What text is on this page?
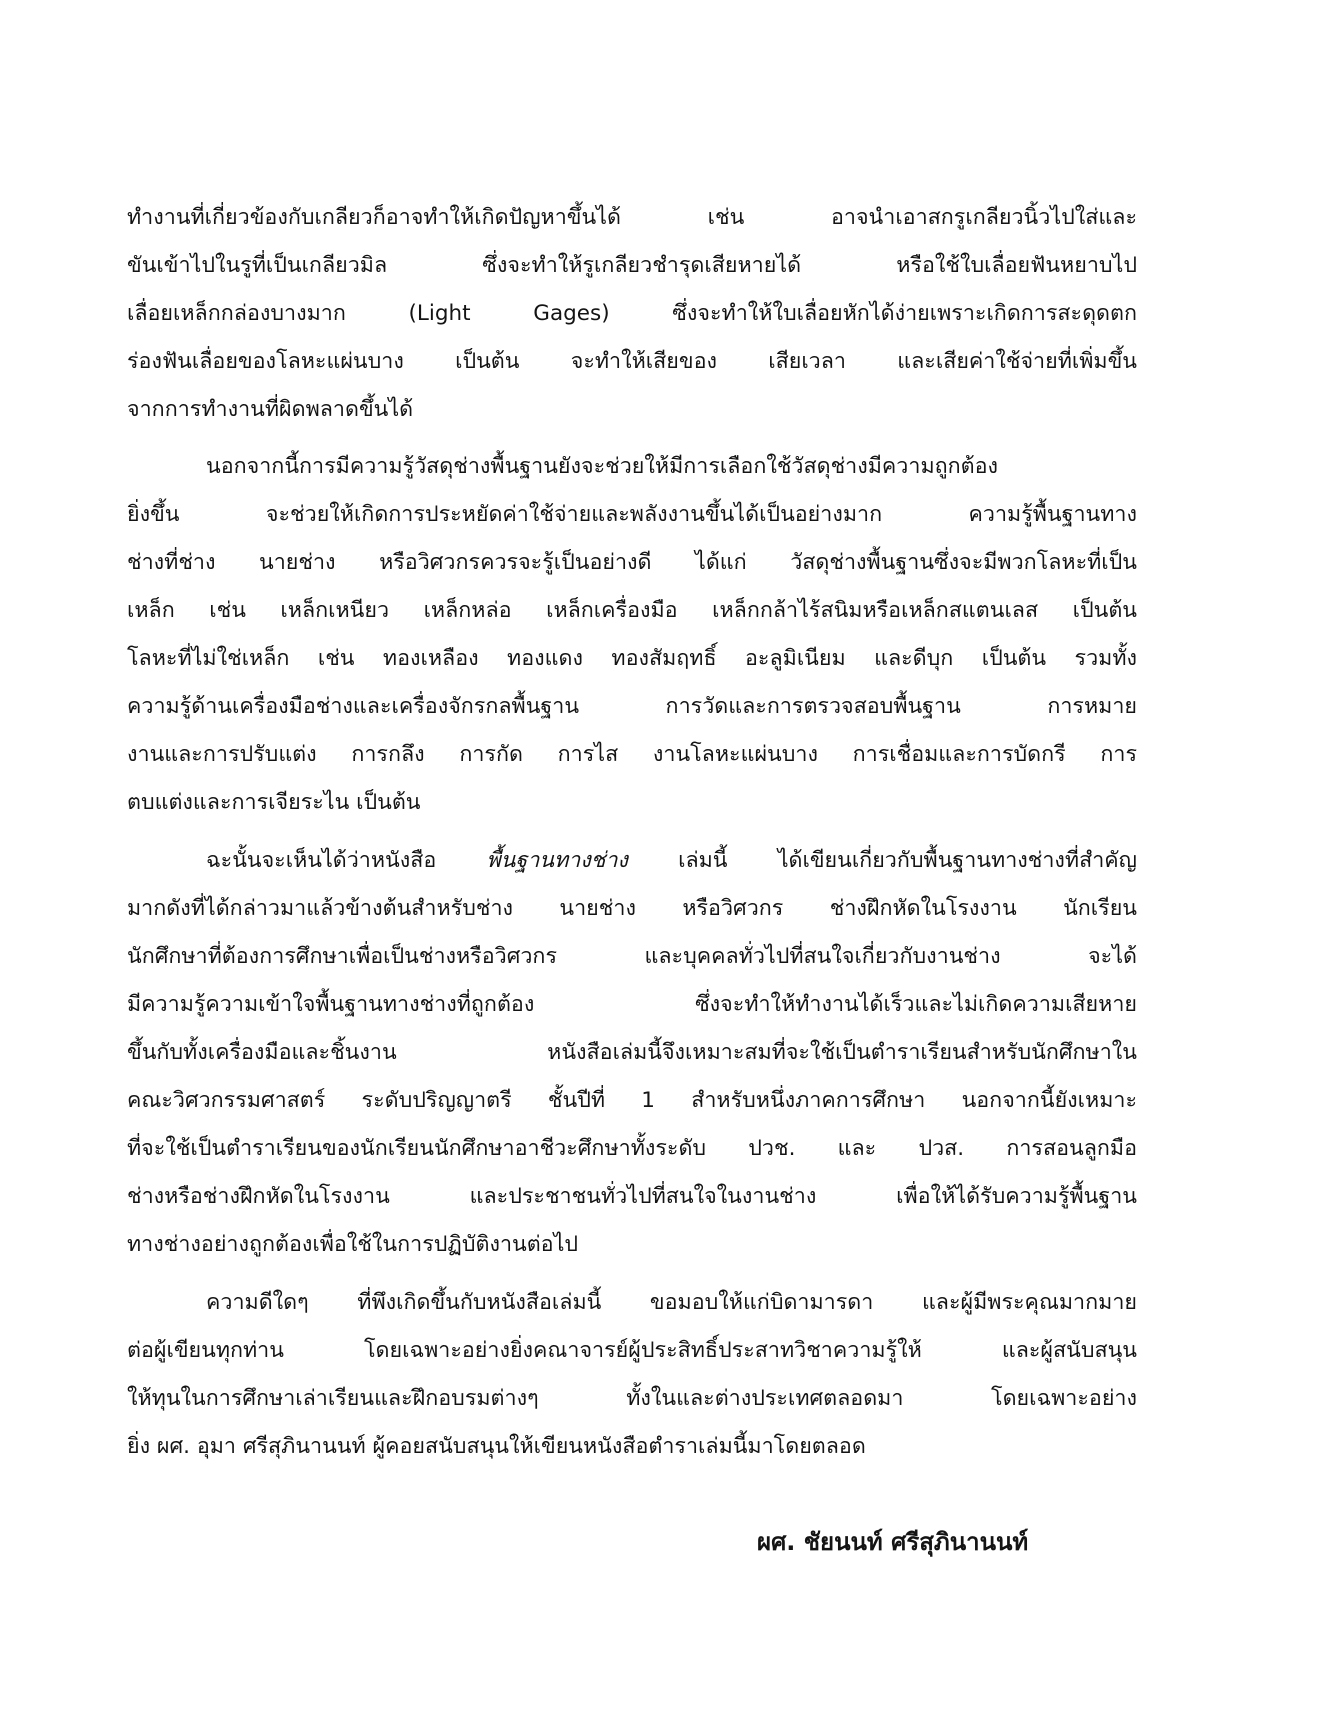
ทำงานที่เกี่ยวข้องกับเกลียวก็อาจทำให้เกิดปัญหาขึ้นได้ เช่น อาจนำเอาสกรูเกลียวนิ้วไปใส่และ
ขันเข้าไปในรูที่เป็นเกลียวมิล ซึ่งจะทำให้รูเกลียวชำรุดเสียหายได้ หรือใช้ใบเลื่อยฟันหยาบไป
เลื่อยเหล็กกล่องบางมาก (Light Gages) ซึ่งจะทำให้ใบเลื่อยหักได้ง่ายเพราะเกิดการสะดุดตก
ร่องฟันเลื่อยของโลหะแผ่นบาง เป็นต้น จะทำให้เสียของ เสียเวลา และเสียค่าใช้จ่ายที่เพิ่มขึ้น
จากการทำงานที่ผิดพลาดขึ้นได้
นอกจากนี้การมีความรู้วัสดุช่างพื้นฐานยังจะช่วยให้มีการเลือกใช้วัสดุช่างมีความถูกต้อง
ยิ่งขึ้น จะช่วยให้เกิดการประหยัดค่าใช้จ่ายและพลังงานขึ้นได้เป็นอย่างมาก ความรู้พื้นฐานทาง
ช่างที่ช่าง นายช่าง หรือวิศวกรควรจะรู้เป็นอย่างดี ได้แก่ วัสดุช่างพื้นฐานซึ่งจะมีพวกโลหะที่เป็น
เหล็ก เช่น เหล็กเหนียว เหล็กหล่อ เหล็กเครื่องมือ เหล็กกล้าไร้สนิมหรือเหล็กสแตนเลส เป็นต้น
โลหะที่ไม่ใช่เหล็ก เช่น ทองเหลือง ทองแดง ทองสัมฤทธิ์ อะลูมิเนียม และดีบุก เป็นต้น รวมทั้ง
ความรู้ด้านเครื่องมือช่างและเครื่องจักรกลพื้นฐาน การวัดและการตรวจสอบพื้นฐาน การหมาย
งานและการปรับแต่ง การกลึง การกัด การไส งานโลหะแผ่นบาง การเชื่อมและการบัดกรี การ
ตบแต่งและการเจียระไน เป็นต้น
ฉะนั้นจะเห็นได้ว่าหนังสือ พื้นฐานทางช่าง เล่มนี้ ได้เขียนเกี่ยวกับพื้นฐานทางช่างที่สำคัญ
มากดังที่ได้กล่าวมาแล้วข้างต้นสำหรับช่าง นายช่าง หรือวิศวกร ช่างฝึกหัดในโรงงาน นักเรียน
นักศึกษาที่ต้องการศึกษาเพื่อเป็นช่างหรือวิศวกร และบุคคลทั่วไปที่สนใจเกี่ยวกับงานช่าง จะได้
มีความรู้ความเข้าใจพื้นฐานทางช่างที่ถูกต้อง ซึ่งจะทำให้ทำงานได้เร็วและไม่เกิดความเสียหาย
ขึ้นกับทั้งเครื่องมือและชิ้นงาน หนังสือเล่มนี้จึงเหมาะสมที่จะใช้เป็นตำราเรียนสำหรับนักศึกษาใน
คณะวิศวกรรมศาสตร์ ระดับปริญญาตรี ชั้นปีที่ 1 สำหรับหนึ่งภาคการศึกษา นอกจากนี้ยังเหมาะ
ที่จะใช้เป็นตำราเรียนของนักเรียนนักศึกษาอาชีวะศึกษาทั้งระดับ ปวช. และ ปวส. การสอนลูกมือ
ช่างหรือช่างฝึกหัดในโรงงาน และประชาชนทั่วไปที่สนใจในงานช่าง เพื่อให้ได้รับความรู้พื้นฐาน
ทางช่างอย่างถูกต้องเพื่อใช้ในการปฏิบัติงานต่อไป
ความดีใดๆ ที่พึงเกิดขึ้นกับหนังสือเล่มนี้ ขอมอบให้แก่บิดามารดา และผู้มีพระคุณมากมาย
ต่อผู้เขียนทุกท่าน โดยเฉพาะอย่างยิ่งคณาจารย์ผู้ประสิทธิ์ประสาทวิชาความรู้ให้ และผู้สนับสนุน
ให้ทุนในการศึกษาเล่าเรียนและฝึกอบรมต่างๆ ทั้งในและต่างประเทศตลอดมา โดยเฉพาะอย่าง
ยิ่ง ผศ. อุมา ศรีสุภินานนท์ ผู้คอยสนับสนุนให้เขียนหนังสือตำราเล่มนี้มาโดยตลอด
ผศ. ชัยนนท์ ศรีสุภินานนท์
